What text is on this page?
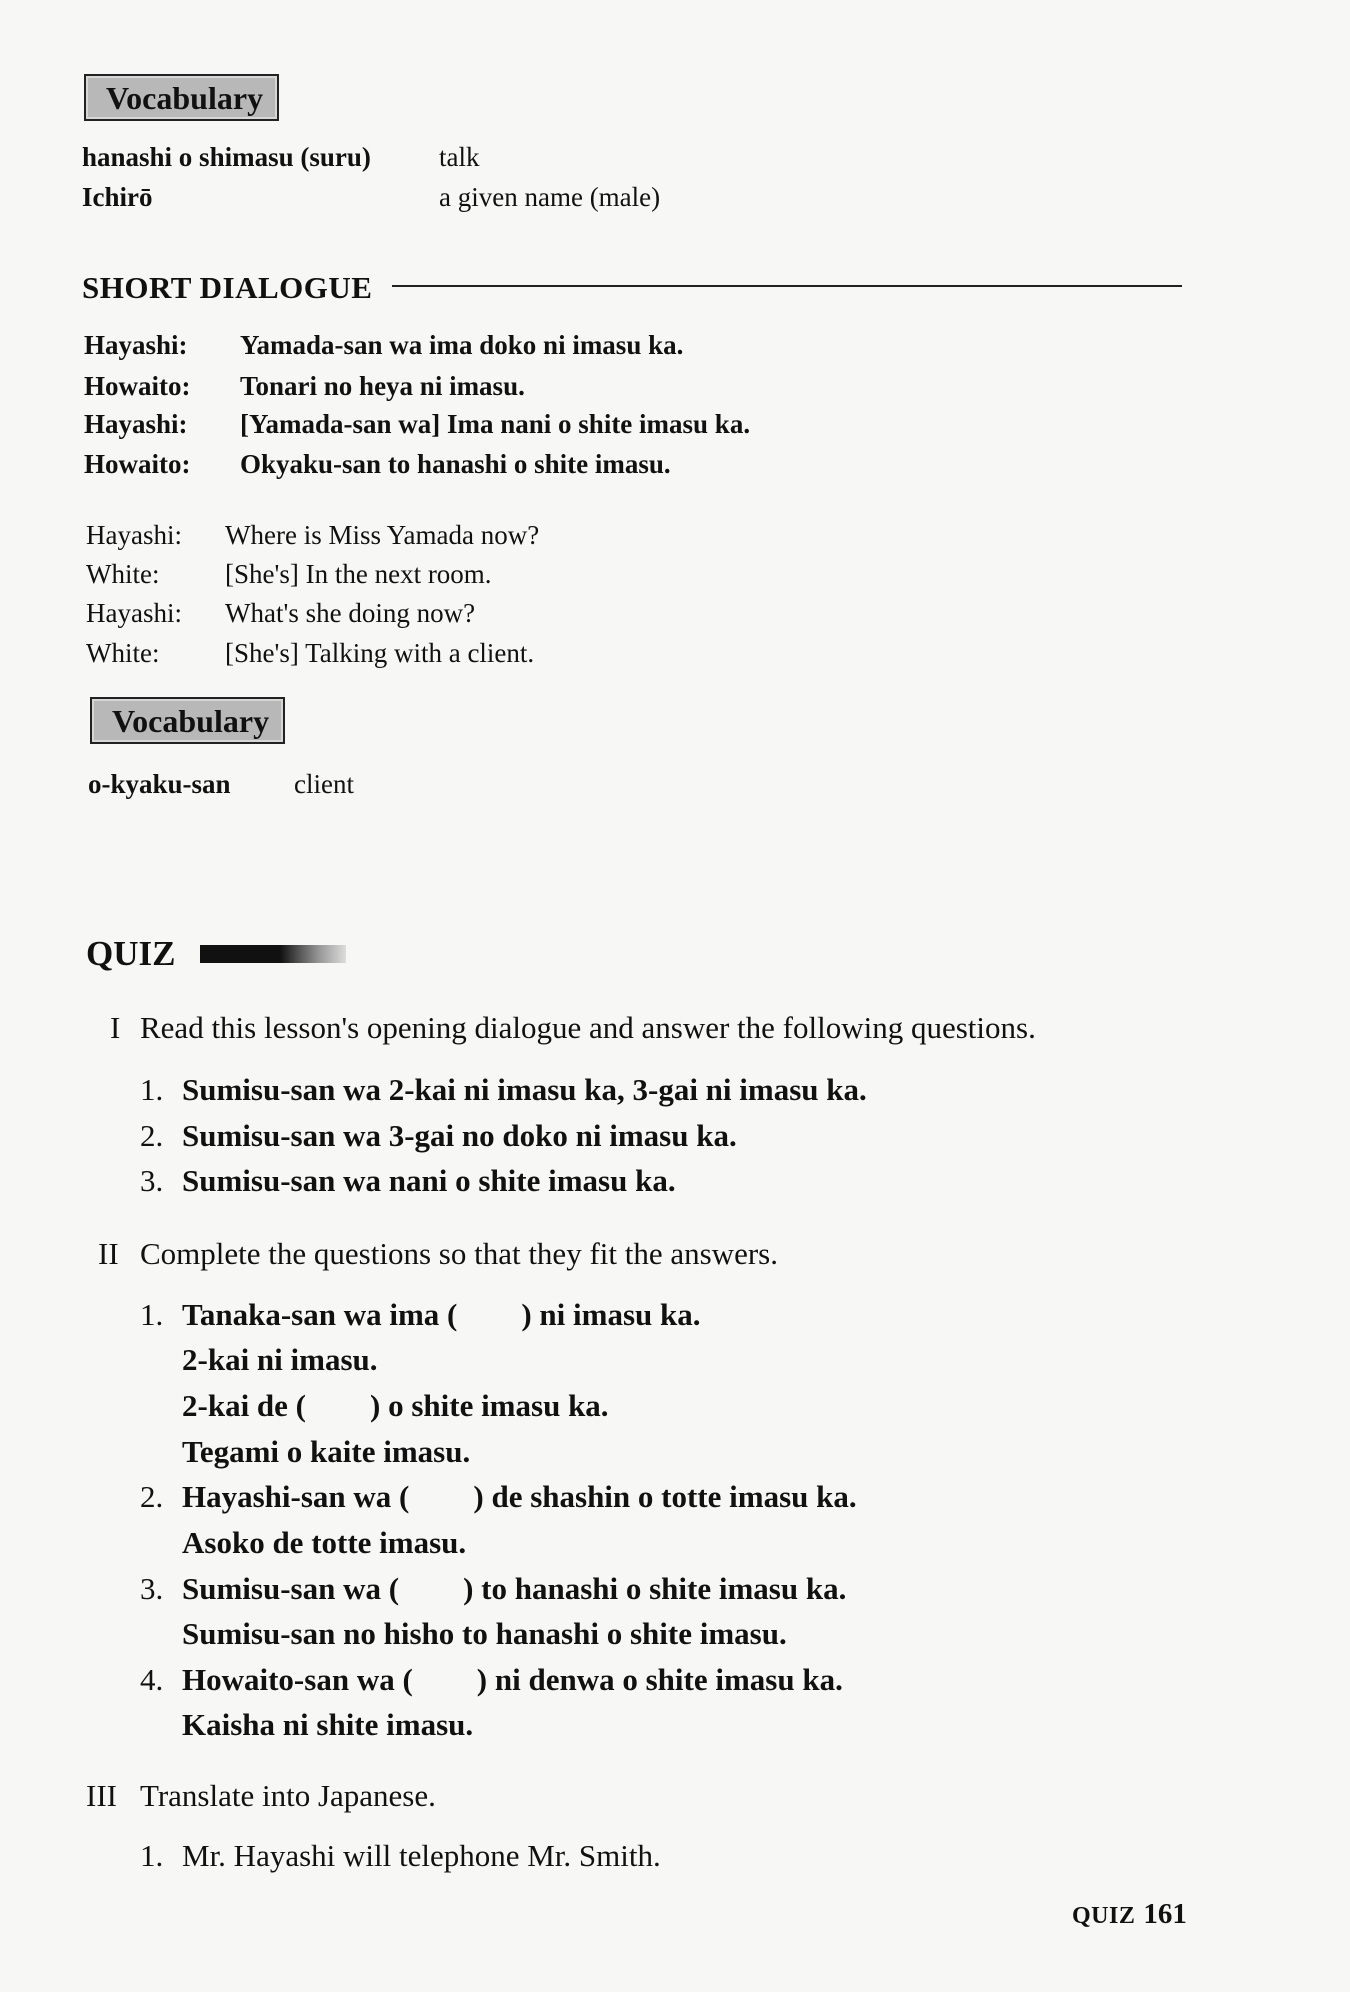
Vocabulary
hanashi o shimasu (suru)	talk
Ichirō	a given name (male)
SHORT DIALOGUE
Hayashi: Yamada-san wa ima doko ni imasu ka.
Howaito: Tonari no heya ni imasu.
Hayashi: [Yamada-san wa] Ima nani o shite imasu ka.
Howaito: Okyaku-san to hanashi o shite imasu.
Hayashi: Where is Miss Yamada now?
White: [She's] In the next room.
Hayashi: What's she doing now?
White: [She's] Talking with a client.
Vocabulary
o-kyaku-san client
QUIZ
I Read this lesson's opening dialogue and answer the following questions.
1. Sumisu-san wa 2-kai ni imasu ka, 3-gai ni imasu ka.
2. Sumisu-san wa 3-gai no doko ni imasu ka.
3. Sumisu-san wa nani o shite imasu ka.
II Complete the questions so that they fit the answers.
1. Tanaka-san wa ima ( ) ni imasu ka.
2-kai ni imasu.
2-kai de ( ) o shite imasu ka.
Tegami o kaite imasu.
2. Hayashi-san wa ( ) de shashin o totte imasu ka.
Asoko de totte imasu.
3. Sumisu-san wa ( ) to hanashi o shite imasu ka.
Sumisu-san no hisho to hanashi o shite imasu.
4. Howaito-san wa ( ) ni denwa o shite imasu ka.
Kaisha ni shite imasu.
III Translate into Japanese.
1. Mr. Hayashi will telephone Mr. Smith.
QUIZ 161
